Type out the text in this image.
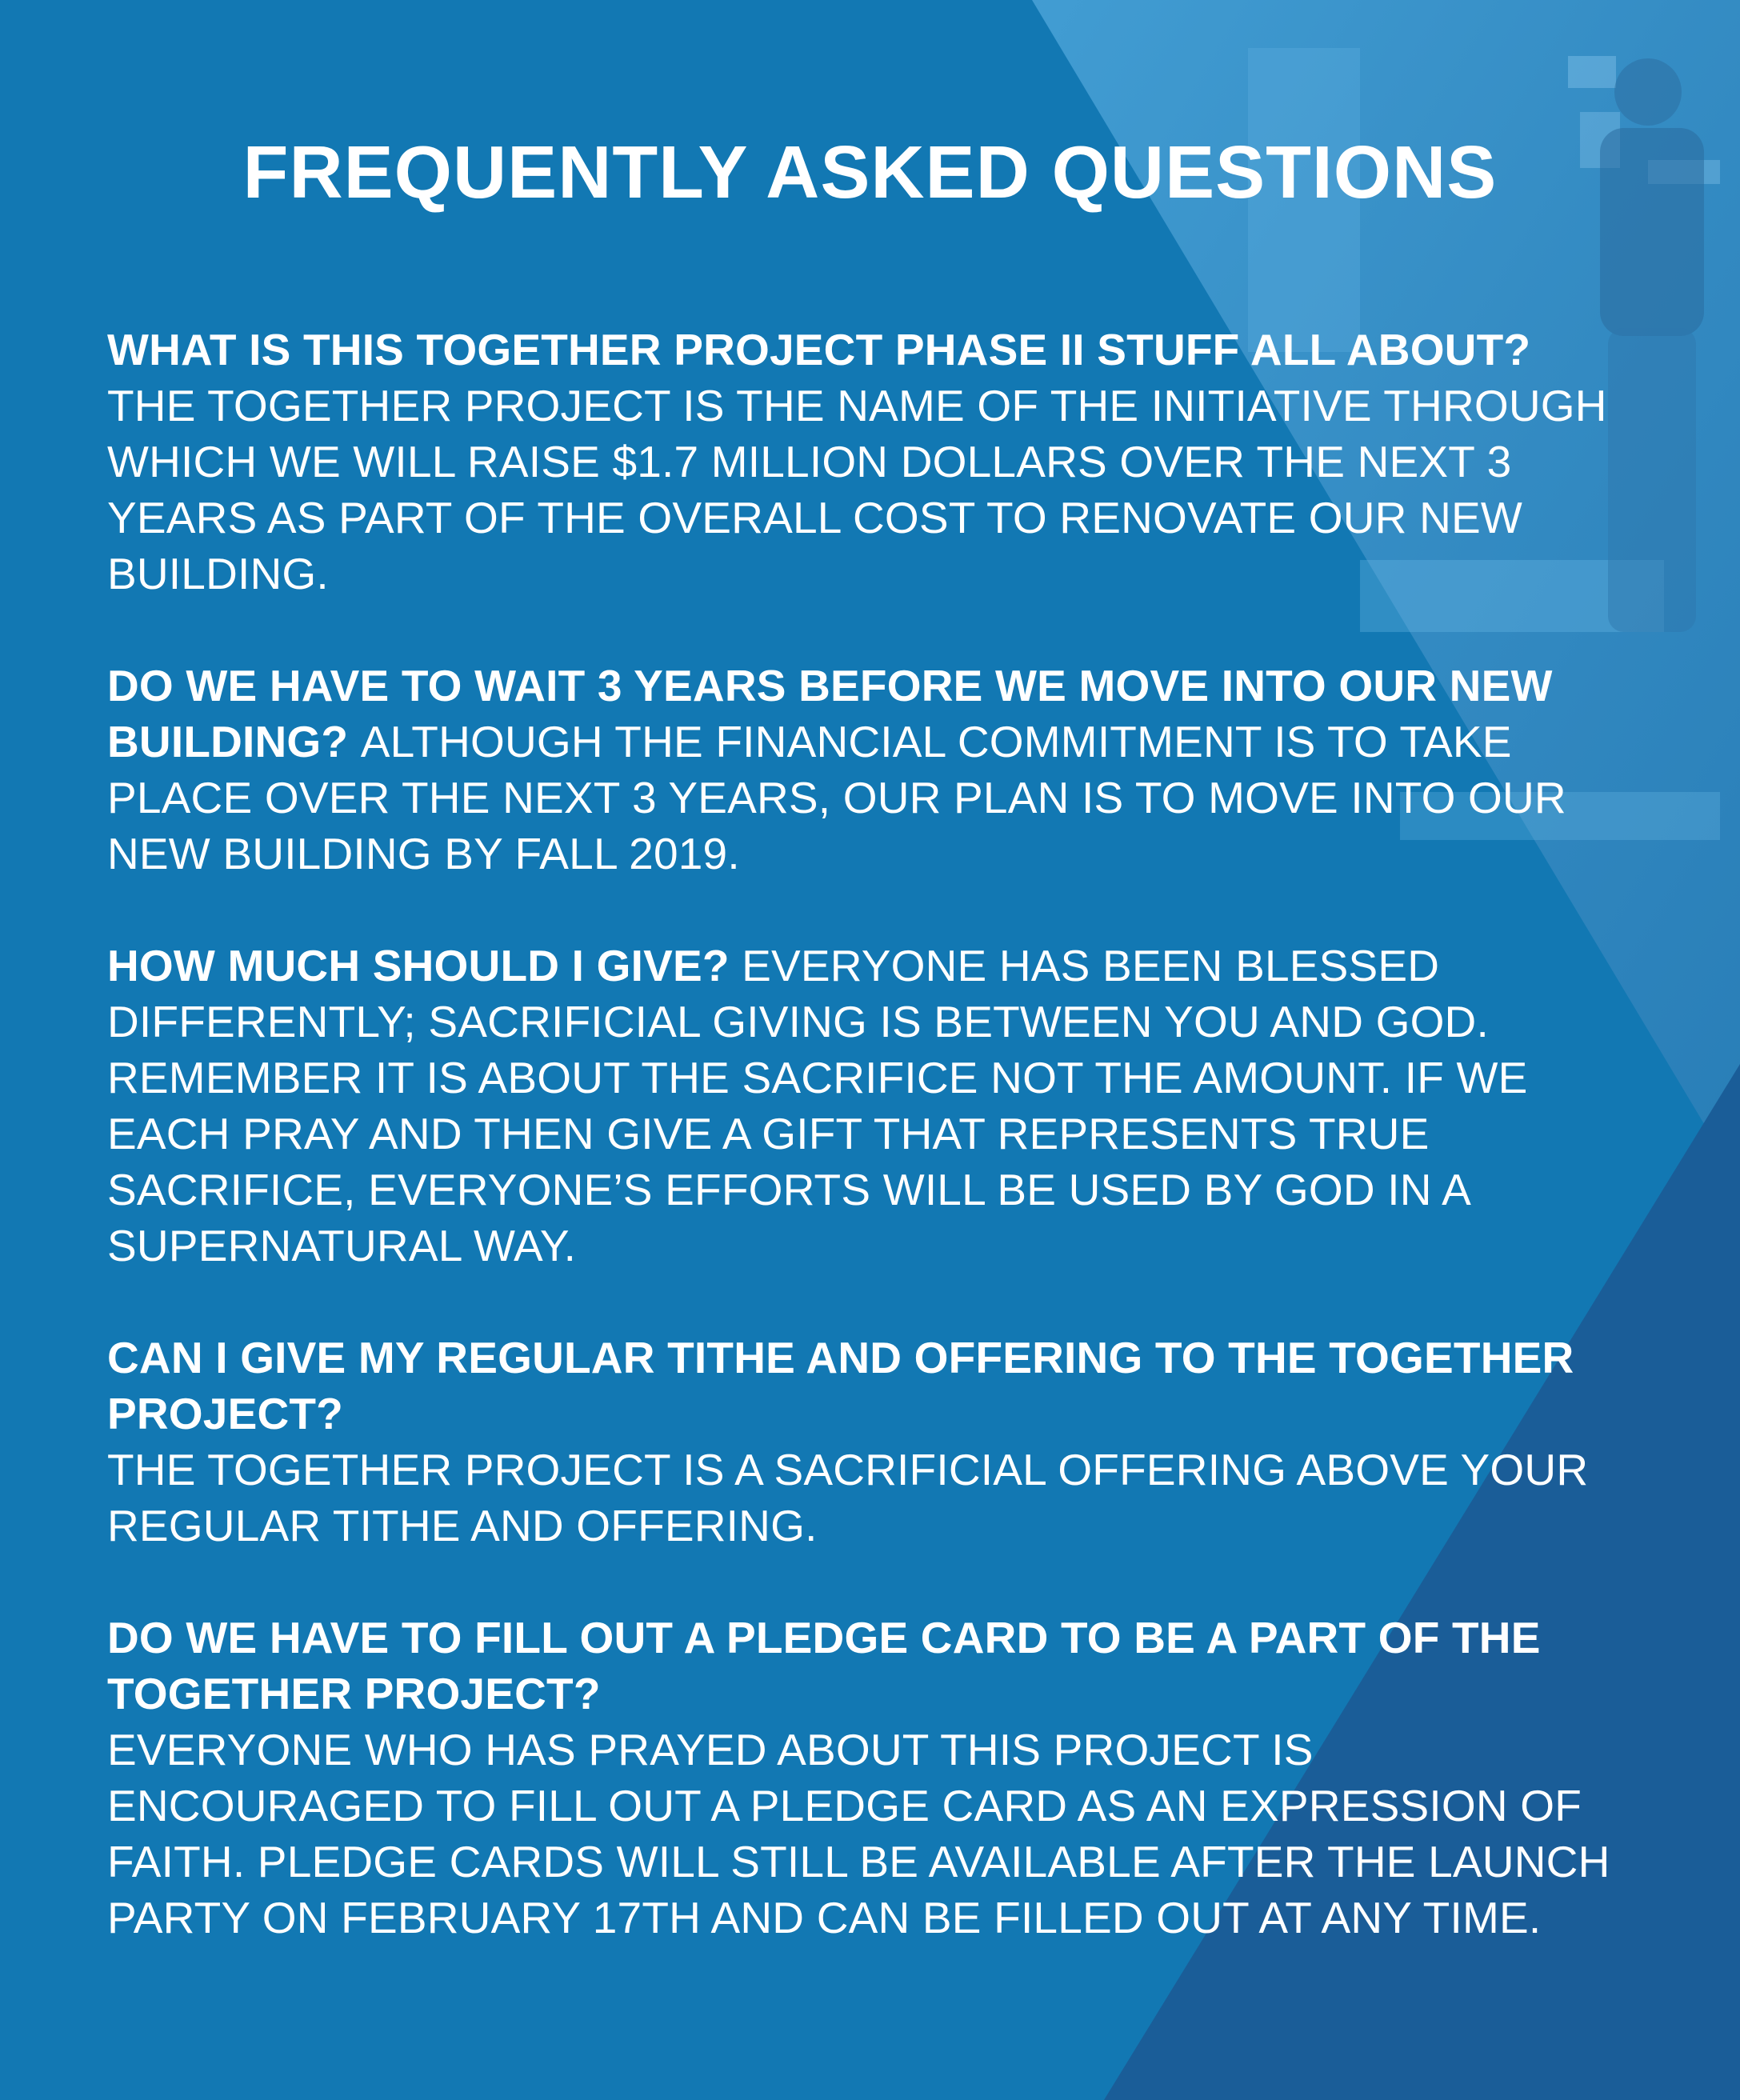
FREQUENTLY ASKED QUESTIONS

WHAT IS THIS TOGETHER PROJECT PHASE II STUFF ALL ABOUT?
THE TOGETHER PROJECT IS THE NAME OF THE INITIATIVE THROUGH WHICH WE WILL RAISE $1.7 MILLION DOLLARS OVER THE NEXT 3 YEARS AS PART OF THE OVERALL COST TO RENOVATE OUR NEW BUILDING.

DO WE HAVE TO WAIT 3 YEARS BEFORE WE MOVE INTO OUR NEW BUILDING? ALTHOUGH THE FINANCIAL COMMITMENT IS TO TAKE PLACE OVER THE NEXT 3 YEARS, OUR PLAN IS TO MOVE INTO OUR NEW BUILDING BY FALL 2019.

HOW MUCH SHOULD I GIVE? EVERYONE HAS BEEN BLESSED DIFFERENTLY; SACRIFICIAL GIVING IS BETWEEN YOU AND GOD. REMEMBER IT IS ABOUT THE SACRIFICE NOT THE AMOUNT. IF WE EACH PRAY AND THEN GIVE A GIFT THAT REPRESENTS TRUE SACRIFICE, EVERYONE’S EFFORTS WILL BE USED BY GOD IN A SUPERNATURAL WAY.

CAN I GIVE MY REGULAR TITHE AND OFFERING TO THE TOGETHER PROJECT?
THE TOGETHER PROJECT IS A SACRIFICIAL OFFERING ABOVE YOUR REGULAR TITHE AND OFFERING.

DO WE HAVE TO FILL OUT A PLEDGE CARD TO BE A PART OF THE TOGETHER PROJECT?
EVERYONE WHO HAS PRAYED ABOUT THIS PROJECT IS ENCOURAGED TO FILL OUT A PLEDGE CARD AS AN EXPRESSION OF FAITH. PLEDGE CARDS WILL STILL BE AVAILABLE AFTER THE LAUNCH PARTY ON FEBRUARY 17TH AND CAN BE FILLED OUT AT ANY TIME.
